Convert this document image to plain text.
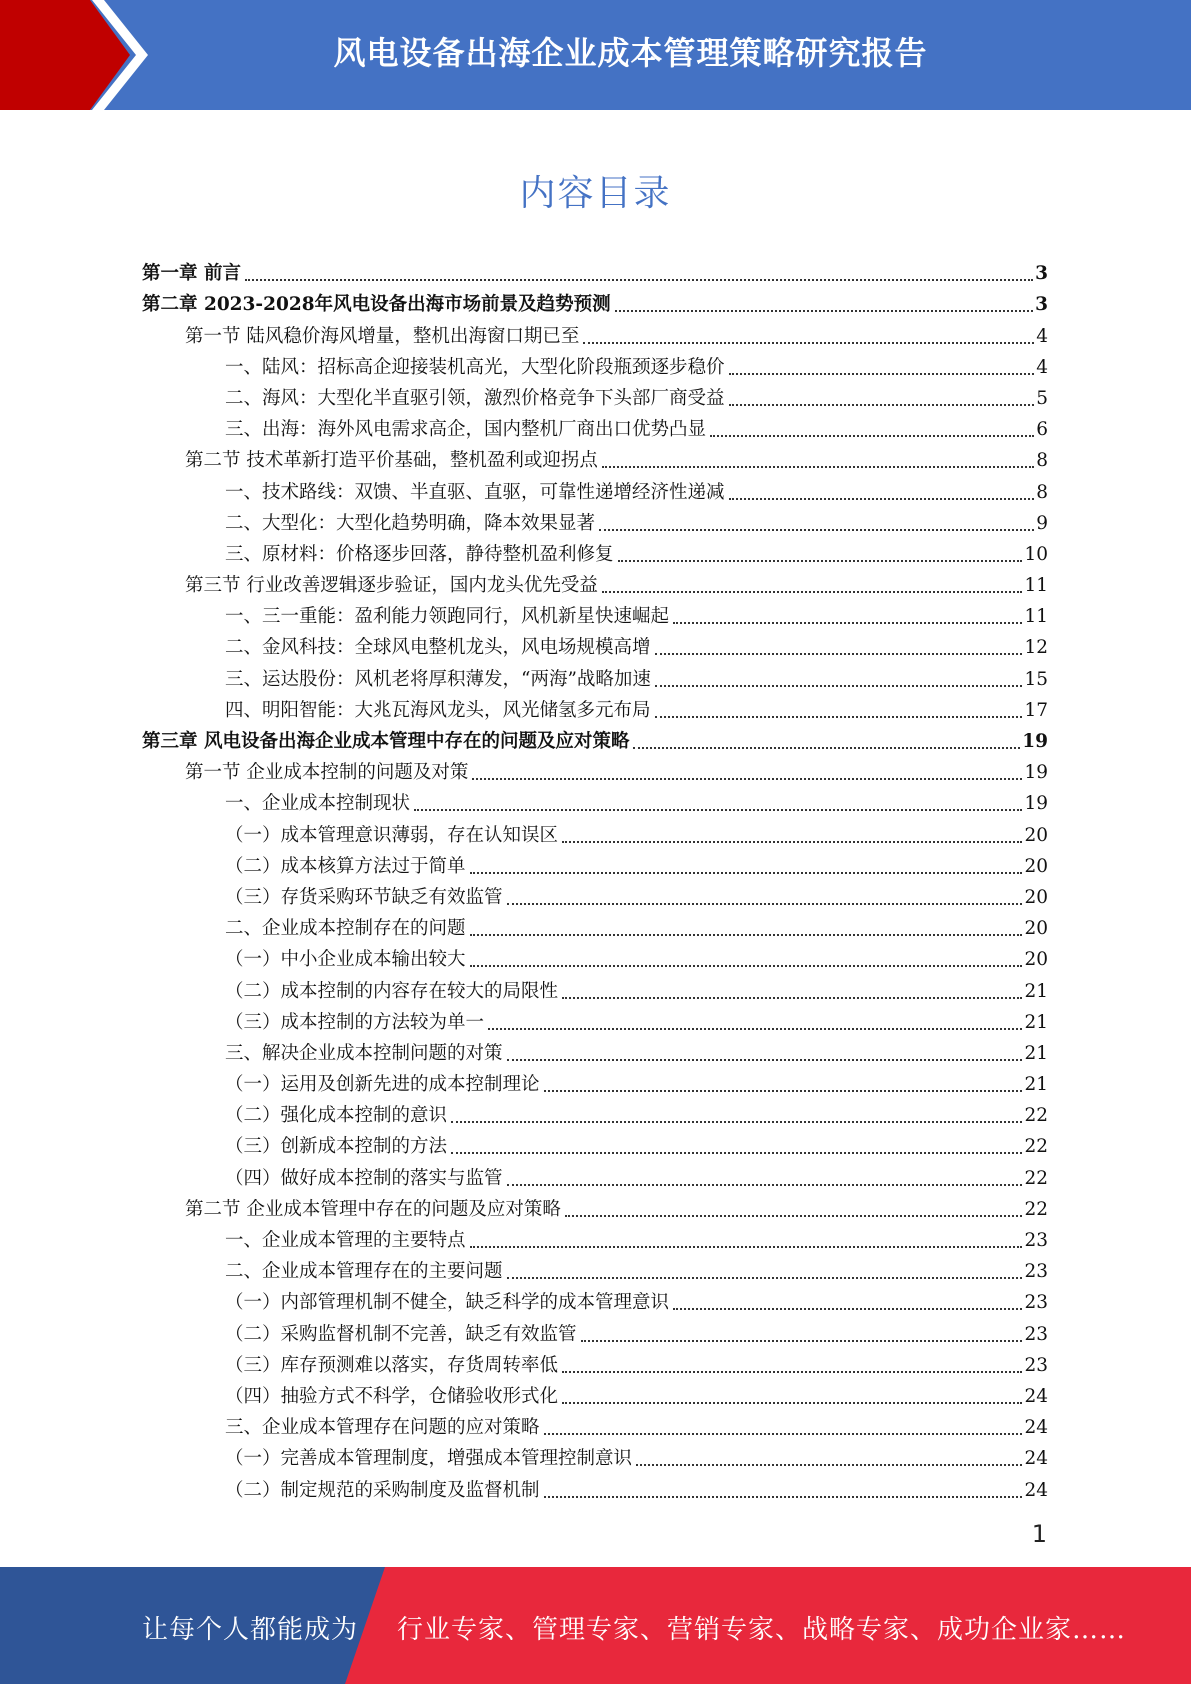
风电设备出海企业成本管理策略研究报告
内容目录
第一章 前言	3
第二章 2023-2028年风电设备出海市场前景及趋势预测	3
第一节 陆风稳价海风增量，整机出海窗口期已至	4
一、陆风：招标高企迎接装机高光，大型化阶段瓶颈逐步稳价	4
二、海风：大型化半直驱引领，激烈价格竞争下头部厂商受益	5
三、出海：海外风电需求高企，国内整机厂商出口优势凸显	6
第二节 技术革新打造平价基础，整机盈利或迎拐点	8
一、技术路线：双馈、半直驱、直驱，可靠性递增经济性递减	8
二、大型化：大型化趋势明确，降本效果显著	9
三、原材料：价格逐步回落，静待整机盈利修复	10
第三节 行业改善逻辑逐步验证，国内龙头优先受益	11
一、三一重能：盈利能力领跑同行，风机新星快速崛起	11
二、金风科技：全球风电整机龙头，风电场规模高增	12
三、运达股份：风机老将厚积薄发，“两海”战略加速	15
四、明阳智能：大兆瓦海风龙头，风光储氢多元布局	17
第三章 风电设备出海企业成本管理中存在的问题及应对策略	19
第一节 企业成本控制的问题及对策	19
一、企业成本控制现状	19
（一）成本管理意识薄弱，存在认知误区	20
（二）成本核算方法过于简单	20
（三）存货采购环节缺乏有效监管	20
二、企业成本控制存在的问题	20
（一）中小企业成本输出较大	20
（二）成本控制的内容存在较大的局限性	21
（三）成本控制的方法较为单一	21
三、解决企业成本控制问题的对策	21
（一）运用及创新先进的成本控制理论	21
（二）强化成本控制的意识	22
（三）创新成本控制的方法	22
（四）做好成本控制的落实与监管	22
第二节 企业成本管理中存在的问题及应对策略	22
一、企业成本管理的主要特点	23
二、企业成本管理存在的主要问题	23
（一）内部管理机制不健全，缺乏科学的成本管理意识	23
（二）采购监督机制不完善，缺乏有效监管	23
（三）库存预测难以落实，存货周转率低	23
（四）抽验方式不科学，仓储验收形式化	24
三、企业成本管理存在问题的应对策略	24
（一）完善成本管理制度，增强成本管理控制意识	24
（二）制定规范的采购制度及监督机制	24
1
让每个人都能成为 行业专家、管理专家、营销专家、战略专家、成功企业家……
